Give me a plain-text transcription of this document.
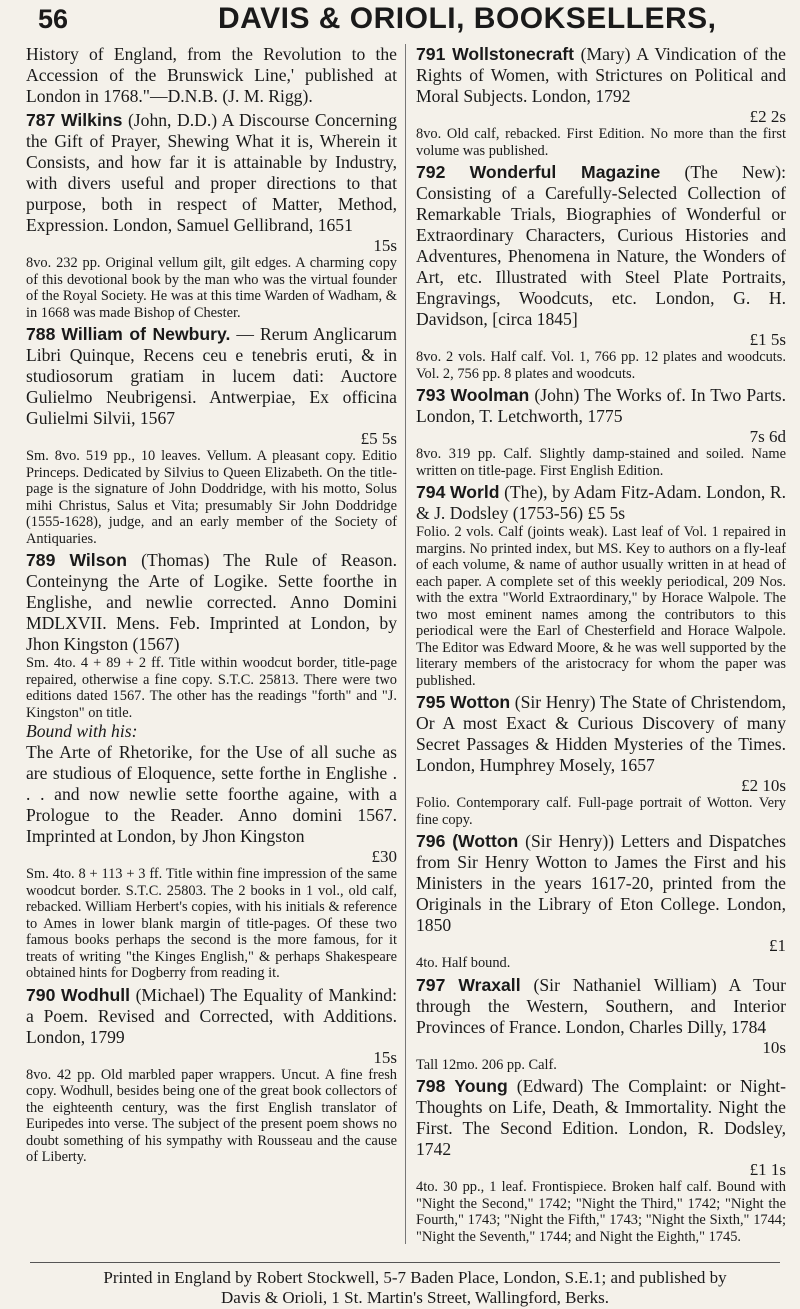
56	DAVIS & ORIOLI, BOOKSELLERS,
History of England, from the Revolution to the Accession of the Brunswick Line,' published at London in 1768."—D.N.B. (J. M. Rigg).
787 Wilkins (John, D.D.) A Discourse Concerning the Gift of Prayer, Shewing What it is, Wherein it Consists, and how far it is attainable by Industry, with divers useful and proper directions to that purpose, both in respect of Matter, Method, Expression. London, Samuel Gellibrand, 1651
15s
8vo. 232 pp. Original vellum gilt, gilt edges. A charming copy of this devotional book by the man who was the virtual founder of the Royal Society. He was at this time Warden of Wadham, & in 1668 was made Bishop of Chester.
788 William of Newbury. — Rerum Anglicarum Libri Quinque, Recens ceu e tenebris eruti, & in studiosorum gratiam in lucem dati: Auctore Gulielmo Neubrigensi. Antwerpiae, Ex officina Gulielmi Silvii, 1567
£5 5s
Sm. 8vo. 519 pp., 10 leaves. Vellum. A pleasant copy. Editio Princeps. Dedicated by Silvius to Queen Elizabeth. On the title-page is the signature of John Doddridge, with his motto, Solus mihi Christus, Salus et Vita; presumably Sir John Doddridge (1555-1628), judge, and an early member of the Society of Antiquaries.
789 Wilson (Thomas) The Rule of Reason. Conteinyng the Arte of Logike. Sette foorthe in Englishe, and newlie corrected. Anno Domini MDLXVII. Mens. Feb. Imprinted at London, by Jhon Kingston (1567)
Sm. 4to. 4 + 89 + 2 ff. Title within woodcut border, title-page repaired, otherwise a fine copy. S.T.C. 25813. There were two editions dated 1567. The other has the readings "forth" and "J. Kingston" on title.
Bound with his:
The Arte of Rhetorike, for the Use of all suche as are studious of Eloquence, sette forthe in Englishe . . . and now newlie sette foorthe againe, with a Prologue to the Reader. Anno domini 1567. Imprinted at London, by Jhon Kingston
£30
Sm. 4to. 8 + 113 + 3 ff. Title within fine impression of the same woodcut border. S.T.C. 25803. The 2 books in 1 vol., old calf, rebacked. William Herbert's copies, with his initials & reference to Ames in lower blank margin of title-pages. Of these two famous books perhaps the second is the more famous, for it treats of writing "the Kinges English," & perhaps Shakespeare obtained hints for Dogberry from reading it.
790 Wodhull (Michael) The Equality of Mankind: a Poem. Revised and Corrected, with Additions. London, 1799
15s
8vo. 42 pp. Old marbled paper wrappers. Uncut. A fine fresh copy. Wodhull, besides being one of the great book collectors of the eighteenth century, was the first English translator of Euripedes into verse. The subject of the present poem shows no doubt something of his sympathy with Rousseau and the cause of Liberty.
791 Wollstonecraft (Mary) A Vindication of the Rights of Women, with Strictures on Political and Moral Subjects. London, 1792
£2 2s
8vo. Old calf, rebacked. First Edition. No more than the first volume was published.
792 Wonderful Magazine (The New): Consisting of a Carefully-Selected Collection of Remarkable Trials, Biographies of Wonderful or Extraordinary Characters, Curious Histories and Adventures, Phenomena in Nature, the Wonders of Art, etc. Illustrated with Steel Plate Portraits, Engravings, Woodcuts, etc. London, G. H. Davidson, [circa 1845]
£1 5s
8vo. 2 vols. Half calf. Vol. 1, 766 pp. 12 plates and woodcuts. Vol. 2, 756 pp. 8 plates and woodcuts.
793 Woolman (John) The Works of. In Two Parts. London, T. Letchworth, 1775
7s 6d
8vo. 319 pp. Calf. Slightly damp-stained and soiled. Name written on title-page. First English Edition.
794 World (The), by Adam Fitz-Adam. London, R. & J. Dodsley (1753-56) £5 5s
Folio. 2 vols. Calf (joints weak). Last leaf of Vol. 1 repaired in margins. No printed index, but MS. Key to authors on a fly-leaf of each volume, & name of author usually written in at head of each paper. A complete set of this weekly periodical, 209 Nos. with the extra "World Extraordinary," by Horace Walpole. The two most eminent names among the contributors to this periodical were the Earl of Chesterfield and Horace Walpole. The Editor was Edward Moore, & he was well supported by the literary members of the aristocracy for whom the paper was published.
795 Wotton (Sir Henry) The State of Christendom, Or A most Exact & Curious Discovery of many Secret Passages & Hidden Mysteries of the Times. London, Humphrey Mosely, 1657
£2 10s
Folio. Contemporary calf. Full-page portrait of Wotton. Very fine copy.
796 (Wotton (Sir Henry)) Letters and Dispatches from Sir Henry Wotton to James the First and his Ministers in the years 1617-20, printed from the Originals in the Library of Eton College. London, 1850
£1
4to. Half bound.
797 Wraxall (Sir Nathaniel William) A Tour through the Western, Southern, and Interior Provinces of France. London, Charles Dilly, 1784
10s
Tall 12mo. 206 pp. Calf.
798 Young (Edward) The Complaint: or Night-Thoughts on Life, Death, & Immortality. Night the First. The Second Edition. London, R. Dodsley, 1742
£1 1s
4to. 30 pp., 1 leaf. Frontispiece. Broken half calf. Bound with "Night the Second," 1742; "Night the Third," 1742; "Night the Fourth," 1743; "Night the Fifth," 1743; "Night the Sixth," 1744; "Night the Seventh," 1744; and Night the Eighth," 1745.
Printed in England by Robert Stockwell, 5-7 Baden Place, London, S.E.1; and published by
Davis & Orioli, 1 St. Martin's Street, Wallingford, Berks.
